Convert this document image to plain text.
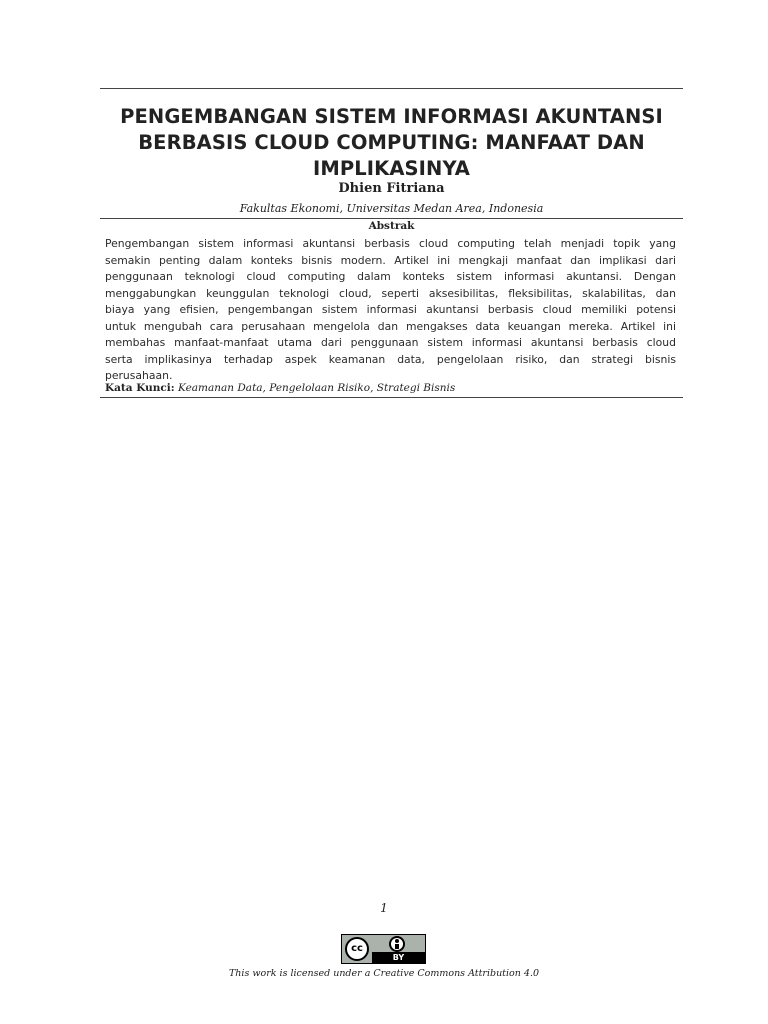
PENGEMBANGAN SISTEM INFORMASI AKUNTANSI
BERBASIS CLOUD COMPUTING: MANFAAT DAN
IMPLIKASINYA
Dhien Fitriana
Fakultas Ekonomi, Universitas Medan Area, Indonesia
Abstrak
Pengembangan sistem informasi akuntansi berbasis cloud computing telah menjadi topik yang
semakin penting dalam konteks bisnis modern. Artikel ini mengkaji manfaat dan implikasi dari
penggunaan teknologi cloud computing dalam konteks sistem informasi akuntansi. Dengan
menggabungkan keunggulan teknologi cloud, seperti aksesibilitas, fleksibilitas, skalabilitas, dan
biaya yang efisien, pengembangan sistem informasi akuntansi berbasis cloud memiliki potensi
untuk mengubah cara perusahaan mengelola dan mengakses data keuangan mereka. Artikel ini
membahas manfaat-manfaat utama dari penggunaan sistem informasi akuntansi berbasis cloud
serta implikasinya terhadap aspek keamanan data, pengelolaan risiko, dan strategi bisnis
perusahaan.
Kata Kunci: Keamanan Data, Pengelolaan Risiko, Strategi Bisnis
1
cc
BY
This work is licensed under a Creative Commons Attribution 4.0
